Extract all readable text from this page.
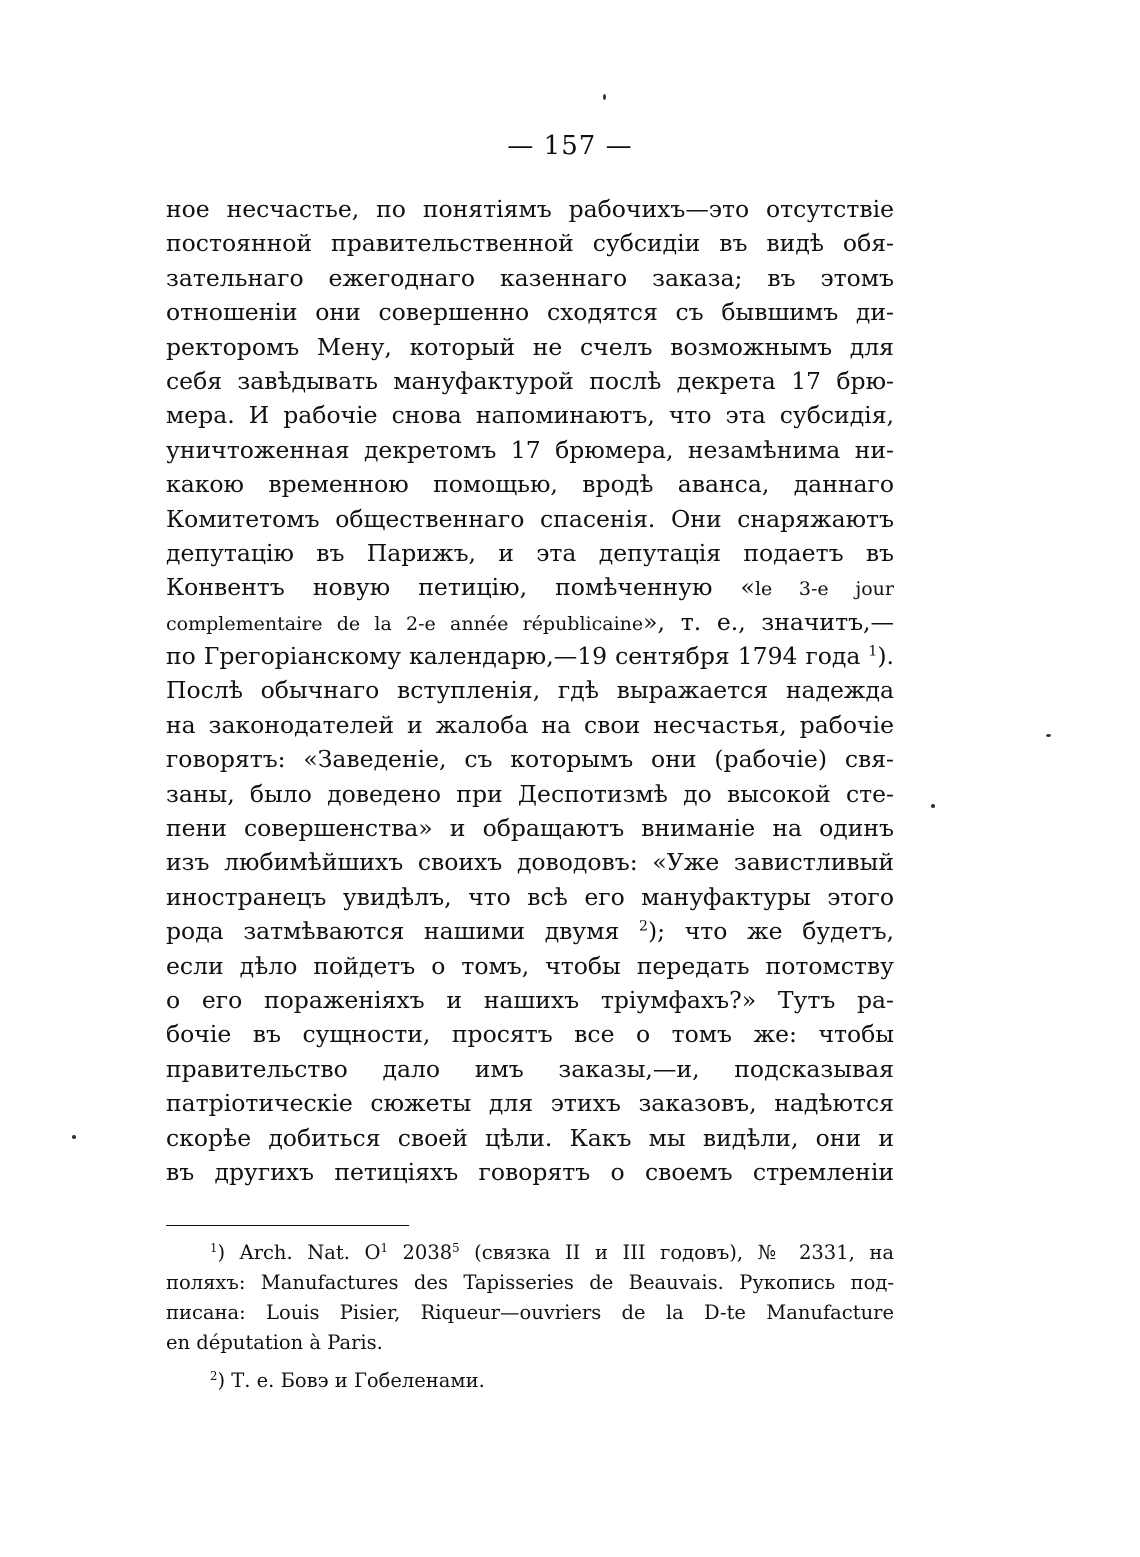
— 157 —
ное несчастье, по понятіямъ рабочихъ—это отсутствіе
постоянной правительственной субсидіи въ видѣ обя-
зательнаго ежегоднаго казеннаго заказа; въ этомъ
отношеніи они совершенно сходятся съ бывшимъ ди-
ректоромъ Мену, который не счелъ возможнымъ для
себя завѣдывать мануфактурой послѣ декрета 17 брю-
мера. И рабочіе снова напоминаютъ, что эта субсидія,
уничтоженная декретомъ 17 брюмера, незамѣнима ни-
какою временною помощью, вродѣ аванса, даннаго
Комитетомъ общественнаго спасенія. Они снаряжаютъ
депутацію въ Парижъ, и эта депутація подаетъ въ
Конвентъ новую петицію, помѣченную «le 3-e jour
complementaire de la 2-e année républicaine», т. е., значитъ,—
по Грегоріанскому календарю,—19 сентября 1794 года $^1$).
Послѣ обычнаго вступленія, гдѣ выражается надежда
на законодателей и жалоба на свои несчастья, рабочіе
говорятъ: «Заведеніе, съ которымъ они (рабочіе) свя-
заны, было доведено при Деспотизмѣ до высокой сте-
пени совершенства» и обращаютъ вниманіе на одинъ
изъ любимѣйшихъ своихъ доводовъ: «Уже завистливый
иностранецъ увидѣлъ, что всѣ его мануфактуры этого
рода затмѣваются нашими двумя $^2$); что же будетъ,
если дѣло пойдетъ о томъ, чтобы передать потомству
о его пораженіяхъ и нашихъ тріумфахъ?» Тутъ ра-
бочіе въ сущности, просятъ все о томъ же: чтобы
правительство дало имъ заказы,—и, подсказывая
патріотическіе сюжеты для этихъ заказовъ, надѣются
скорѣе добиться своей цѣли. Какъ мы видѣли, они и
въ другихъ петиціяхъ говорятъ о своемъ стремленіи
$^1$) Arch. Nat. $O^1$ 2038$^5$ (связка II и III годовъ), № 2331, на
поляхъ: Manufactures des Tapisseries de Beauvais. Рукопись под-
писана: Louis Pisier, Riqueur—ouvriers de la D-te Manufacture
en députation à Paris.
$^2$) Т. е. Бовэ и Гобеленами.
